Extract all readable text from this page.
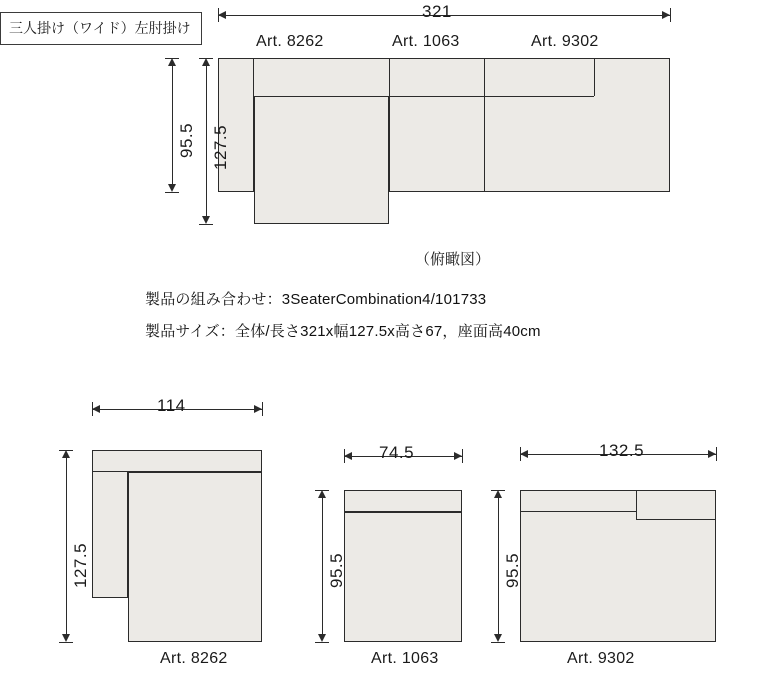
三人掛け（ワイド）左肘掛け
321
Art. 8262	Art. 1063	Art. 9302
95.5 127.5
（俯瞰図）
製品の組み合わせ：3SeaterCombination4/101733
製品サイズ：全体/長さ321x幅127.5x高さ67，座面高40cm
114
127.5
Art. 8262
74.5
95.5
Art. 1063
132.5
95.5
Art. 9302
